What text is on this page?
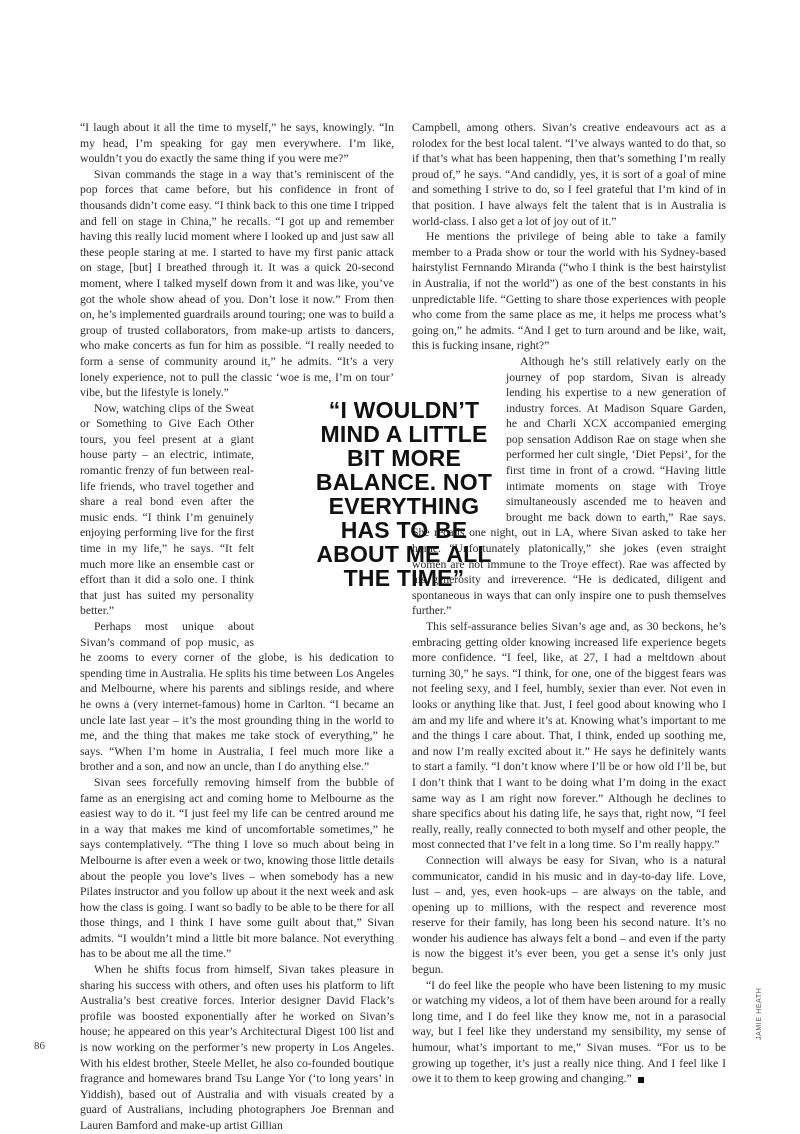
“I laugh about it all the time to myself,” he says, knowingly. “In my head, I’m speaking for gay men everywhere. I’m like, wouldn’t you do exactly the same thing if you were me?”

Sivan commands the stage in a way that’s reminiscent of the pop forces that came before, but his confidence in front of thousands didn’t come easy. “I think back to this one time I tripped and fell on stage in China,” he recalls. “I got up and remember having this really lucid moment where I looked up and just saw all these people staring at me. I started to have my first panic attack on stage, [but] I breathed through it. It was a quick 20-second moment, where I talked myself down from it and was like, you’ve got the whole show ahead of you. Don’t lose it now.” From then on, he’s implemented guardrails around touring; one was to build a group of trusted collaborators, from make-up artists to dancers, who make concerts as fun for him as possible. “I really needed to form a sense of community around it,” he admits. “It’s a very lonely experience, not to pull the classic ‘woe is me, I’m on tour’ vibe, but the lifestyle is lonely.”

Now, watching clips of the Sweat or Something to Give Each Other tours, you feel present at a giant house party – an electric, intimate, romantic frenzy of fun between real-life friends, who travel together and share a real bond even after the music ends. “I think I’m genuinely enjoying performing live for the first time in my life,” he says. “It felt much more like an ensemble cast or effort than it did a solo one. I think that just has suited my personality better.”

Perhaps most unique about Sivan’s command of pop music, as he zooms to every corner of the globe, is his dedication to spending time in Australia. He splits his time between Los Angeles and Melbourne, where his parents and siblings reside, and where he owns a (very internet-famous) home in Carlton. “I became an uncle late last year – it’s the most grounding thing in the world to me, and the thing that makes me take stock of everything,” he says. “When I’m home in Australia, I feel much more like a brother and a son, and now an uncle, than I do anything else.”

Sivan sees forcefully removing himself from the bubble of fame as an energising act and coming home to Melbourne as the easiest way to do it. “I just feel my life can be centred around me in a way that makes me kind of uncomfortable sometimes,” he says contemplatively. “The thing I love so much about being in Melbourne is after even a week or two, knowing those little details about the people you love’s lives – when somebody has a new Pilates instructor and you follow up about it the next week and ask how the class is going. I want so badly to be able to be there for all those things, and I think I have some guilt about that,” Sivan admits. “I wouldn’t mind a little bit more balance. Not everything has to be about me all the time.”

When he shifts focus from himself, Sivan takes pleasure in sharing his success with others, and often uses his platform to lift Australia’s best creative forces. Interior designer David Flack’s profile was boosted exponentially after he worked on Sivan’s house; he appeared on this year’s Architectural Digest 100 list and is now working on the performer’s new property in Los Angeles. With his eldest brother, Steele Mellet, he also co-founded boutique fragrance and homewares brand Tsu Lange Yor (‘to long years’ in Yiddish), based out of Australia and with visuals created by a guard of Australians, including photographers Joe Brennan and Lauren Bamford and make-up artist Gillian

Campbell, among others. Sivan’s creative endeavours act as a rolodex for the best local talent. “I’ve always wanted to do that, so if that’s what has been happening, then that’s something I’m really proud of,” he says. “And candidly, yes, it is sort of a goal of mine and something I strive to do, so I feel grateful that I’m kind of in that position. I have always felt the talent that is in Australia is world-class. I also get a lot of joy out of it.”

He mentions the privilege of being able to take a family member to a Prada show or tour the world with his Sydney-based hairstylist Fernnando Miranda (“who I think is the best hairstylist in Australia, if not the world”) as one of the best constants in his unpredictable life. “Getting to share those experiences with people who come from the same place as me, it helps me process what’s going on,” he admits. “And I get to turn around and be like, wait, this is fucking insane, right?”

Although he’s still relatively early on the journey of pop stardom, Sivan is already lending his expertise to a new generation of industry forces. At Madison Square Garden, he and Charli XCX accompanied emerging pop sensation Addison Rae on stage when she performed her cult single, ‘Diet Pepsi’, for the first time in front of a crowd. “Having little intimate moments on stage with Troye simultaneously ascended me to heaven and brought me back down to earth,” Rae says. She recalls one night, out in LA, where Sivan asked to take her home. “Unfortunately platonically,” she jokes (even straight women are not immune to the Troye effect). Rae was affected by his generosity and irreverence. “He is dedicated, diligent and spontaneous in ways that can only inspire one to push themselves further.”

This self-assurance belies Sivan’s age and, as 30 beckons, he’s embracing getting older knowing increased life experience begets more confidence. “I feel, like, at 27, I had a meltdown about turning 30,” he says. “I think, for one, one of the biggest fears was not feeling sexy, and I feel, humbly, sexier than ever. Not even in looks or anything like that. Just, I feel good about knowing who I am and my life and where it’s at. Knowing what’s important to me and the things I care about. That, I think, ended up soothing me, and now I’m really excited about it.” He says he definitely wants to start a family. “I don’t know where I’ll be or how old I’ll be, but I don’t think that I want to be doing what I’m doing in the exact same way as I am right now forever.” Although he declines to share specifics about his dating life, he says that, right now, “I feel really, really, really connected to both myself and other people, the most connected that I’ve felt in a long time. So I’m really happy.”

Connection will always be easy for Sivan, who is a natural communicator, candid in his music and in day-to-day life. Love, lust – and, yes, even hook-ups – are always on the table, and opening up to millions, with the respect and reverence most reserve for their family, has long been his second nature. It’s no wonder his audience has always felt a bond – and even if the party is now the biggest it’s ever been, you get a sense it’s only just begun.

“I do feel like the people who have been listening to my music or watching my videos, a lot of them have been around for a really long time, and I do feel like they know me, not in a parasocial way, but I feel like they understand my sensibility, my sense of humour, what’s important to me,” Sivan muses. “For us to be growing up together, it’s just a really nice thing. And I feel like I owe it to them to keep growing and changing.”

“I WOULDN’T MIND A LITTLE BIT MORE BALANCE. NOT EVERYTHING HAS TO BE ABOUT ME ALL THE TIME”
86
JAMIE HEATH
